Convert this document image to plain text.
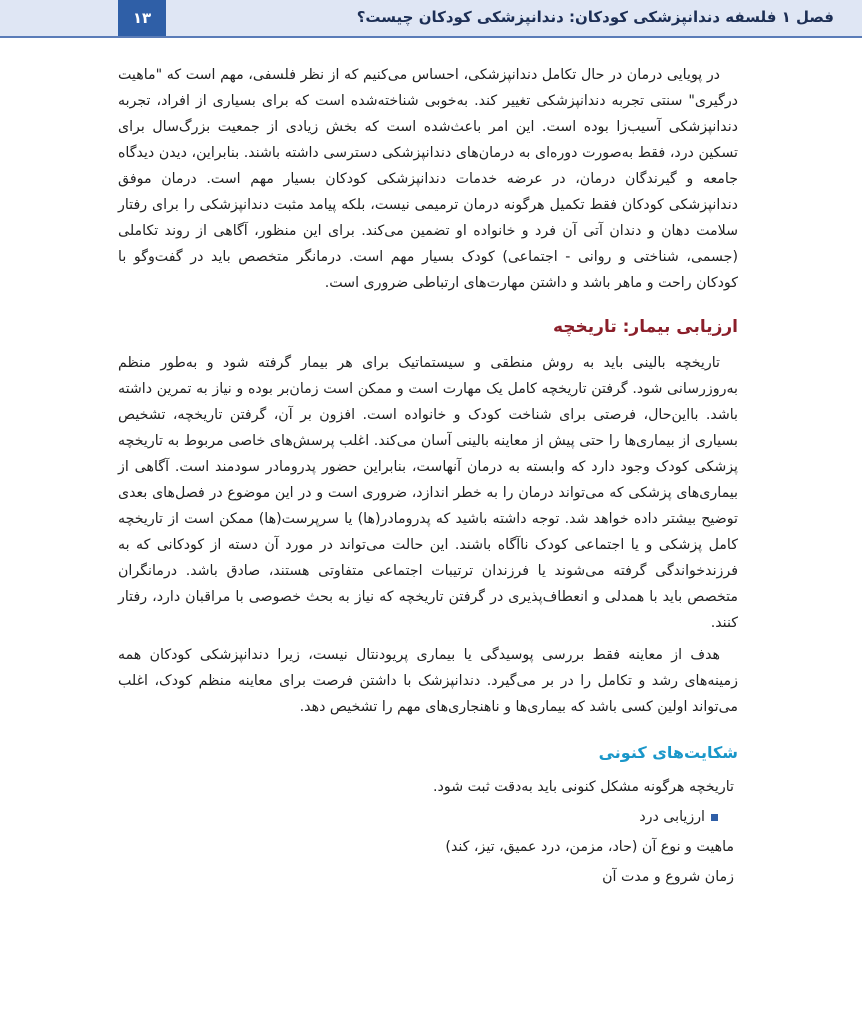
۱۳	فصل ۱ فلسفه دندانپزشکی کودکان: دندانپزشکی کودکان چیست؟

در پویایی درمان در حال تکامل دندانپزشکی، احساس می‌کنیم که از نظر فلسفی، مهم است که "ماهیت درگیری" سنتی تجربه دندانپزشکی تغییر کند. به‌خوبی شناخته‌شده است که برای بسیاری از افراد، تجربه دندانپزشکی آسیب‌زا بوده است. این امر باعث‌شده است که بخش زیادی از جمعیت بزرگ‌سال برای تسکین درد، فقط به‌صورت دوره‌ای به درمان‌های دندانپزشکی دسترسی داشته باشند. بنابراین، دیدن دیدگاه جامعه و گیرندگان درمان، در عرضه خدمات دندانپزشکی کودکان بسیار مهم است. درمان موفق دندانپزشکی کودکان فقط تکمیل هرگونه درمان ترمیمی نیست، بلکه پیامد مثبت دندانپزشکی را برای رفتار سلامت دهان و دندان آتی آن فرد و خانواده او تضمین می‌کند. برای این منظور، آگاهی از روند تکاملی (جسمی، شناختی و روانی - اجتماعی) کودک بسیار مهم است. درمانگر متخصص باید در گفت‌وگو با کودکان راحت و ماهر باشد و داشتن مهارت‌های ارتباطی ضروری است.

ارزیابی بیمار: تاریخچه

تاریخچه بالینی باید به روش منطقی و سیستماتیک برای هر بیمار گرفته شود و به‌طور منظم به‌روزرسانی شود. گرفتن تاریخچه کامل یک مهارت است و ممکن است زمان‌بر بوده و نیاز به تمرین داشته باشد. بااین‌حال، فرصتی برای شناخت کودک و خانواده است. افزون بر آن، گرفتن تاریخچه، تشخیص بسیاری از بیماری‌ها را حتی پیش از معاینه بالینی آسان می‌کند. اغلب پرسش‌های خاصی مربوط به تاریخچه پزشکی کودک وجود دارد که وابسته به درمان آنهاست، بنابراین حضور پدرومادر سودمند است. آگاهی از بیماری‌های پزشکی که می‌تواند درمان را به خطر اندازد، ضروری است و در این موضوع در فصل‌های بعدی توضیح بیشتر داده خواهد شد. توجه داشته باشید که پدرومادر(ها) یا سرپرست(ها) ممکن است از تاریخچه کامل پزشکی و یا اجتماعی کودک ناآگاه باشند. این حالت می‌تواند در مورد آن دسته از کودکانی که به فرزندخواندگی گرفته می‌شوند یا فرزندان ترتیبات اجتماعی متفاوتی هستند، صادق باشد. درمانگران متخصص باید با همدلی و انعطاف‌پذیری در گرفتن تاریخچه که نیاز به بحث خصوصی با مراقبان دارد، رفتار کنند.

هدف از معاینه فقط بررسی پوسیدگی یا بیماری پریودنتال نیست، زیرا دندانپزشکی کودکان همه زمینه‌های رشد و تکامل را در بر می‌گیرد. دندانپزشک با داشتن فرصت برای معاینه منظم کودک، اغلب می‌تواند اولین کسی باشد که بیماری‌ها و ناهنجاری‌های مهم را تشخیص دهد.

شکایت‌های کنونی

تاریخچه هرگونه مشکل کنونی باید به‌دقت ثبت شود.

ارزیابی درد

ماهیت و نوع آن (حاد، مزمن، درد عمیق، تیز، کند)

زمان شروع و مدت آن
